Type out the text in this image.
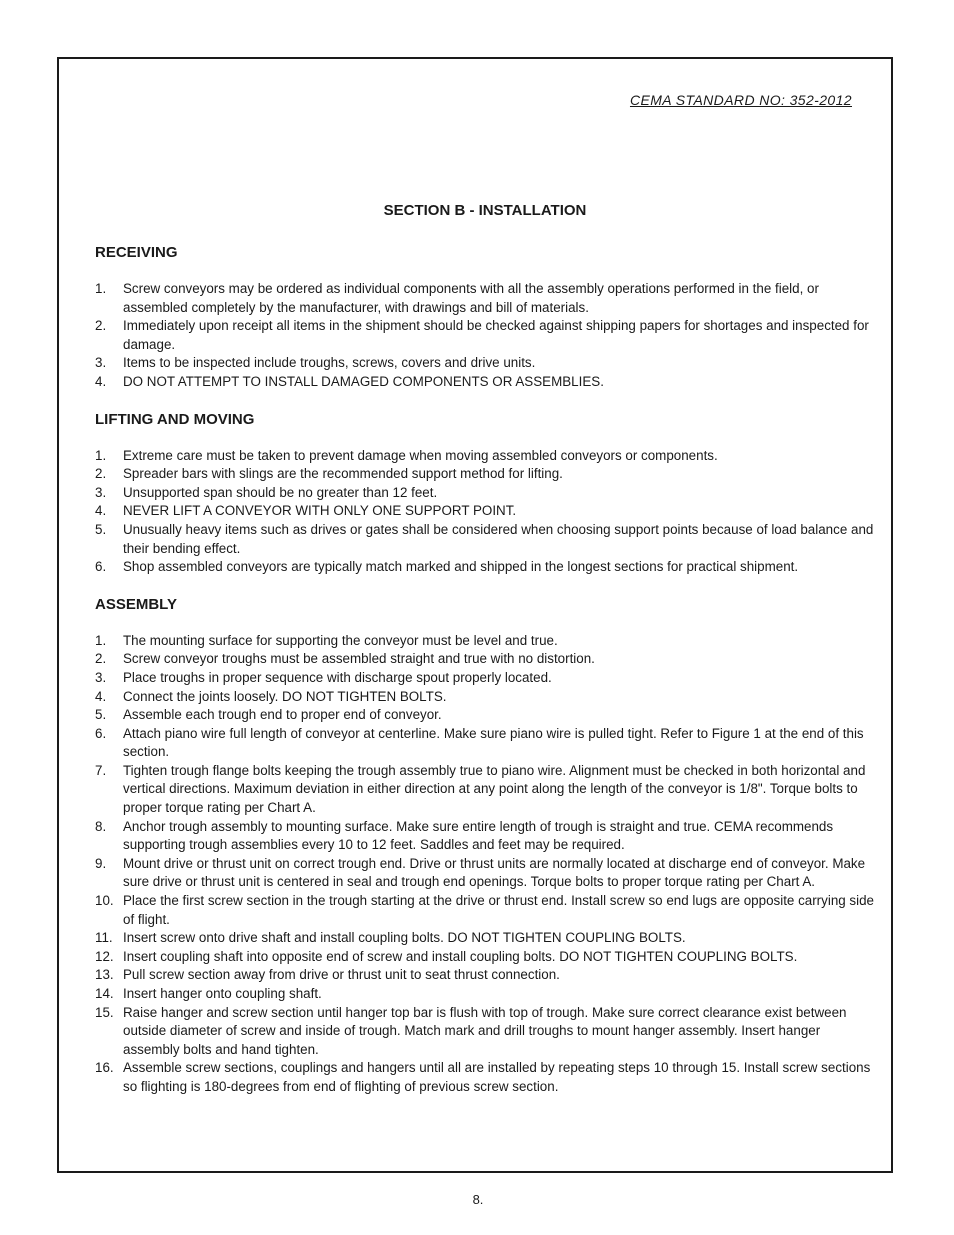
CEMA STANDARD NO: 352-2012
SECTION B - INSTALLATION
RECEIVING
1.	Screw conveyors may be ordered as individual components with all the assembly operations performed in the field, or assembled completely by the manufacturer, with drawings and bill of materials.
2.	Immediately upon receipt all items in the shipment should be checked against shipping papers for shortages and inspected for damage.
3.	Items to be inspected include troughs, screws, covers and drive units.
4.	DO NOT ATTEMPT TO INSTALL DAMAGED COMPONENTS OR ASSEMBLIES.
LIFTING AND MOVING
1.	Extreme care must be taken to prevent damage when moving assembled conveyors or components.
2.	Spreader bars with slings are the recommended support method for lifting.
3.	Unsupported span should be no greater than 12 feet.
4.	NEVER LIFT A CONVEYOR WITH ONLY ONE SUPPORT POINT.
5.	Unusually heavy items such as drives or gates shall be considered when choosing support points because of load balance and their bending effect.
6.	Shop assembled conveyors are typically match marked and shipped in the longest sections for practical shipment.
ASSEMBLY
1.	The mounting surface for supporting the conveyor must be level and true.
2.	Screw conveyor troughs must be assembled straight and true with no distortion.
3.	Place troughs in proper sequence with discharge spout properly located.
4.	Connect the joints loosely. DO NOT TIGHTEN BOLTS.
5.	Assemble each trough end to proper end of conveyor.
6.	Attach piano wire full length of conveyor at centerline. Make sure piano wire is pulled tight. Refer to Figure 1 at the end of this section.
7.	Tighten trough flange bolts keeping the trough assembly true to piano wire. Alignment must be checked in both horizontal and vertical directions. Maximum deviation in either direction at any point along the length of the conveyor is 1/8". Torque bolts to proper torque rating per Chart A.
8.	Anchor trough assembly to mounting surface. Make sure entire length of trough is straight and true. CEMA recommends supporting trough assemblies every 10 to 12 feet. Saddles and feet may be required.
9.	Mount drive or thrust unit on correct trough end. Drive or thrust units are normally located at discharge end of conveyor. Make sure drive or thrust unit is centered in seal and trough end openings. Torque bolts to proper torque rating per Chart A.
10. Place the first screw section in the trough starting at the drive or thrust end. Install screw so end lugs are opposite carrying side of flight.
11. Insert screw onto drive shaft and install coupling bolts. DO NOT TIGHTEN COUPLING BOLTS.
12. Insert coupling shaft into opposite end of screw and install coupling bolts. DO NOT TIGHTEN COUPLING BOLTS.
13. Pull screw section away from drive or thrust unit to seat thrust connection.
14. Insert hanger onto coupling shaft.
15. Raise hanger and screw section until hanger top bar is flush with top of trough. Make sure correct clearance exist between outside diameter of screw and inside of trough. Match mark and drill troughs to mount hanger assembly. Insert hanger assembly bolts and hand tighten.
16. Assemble screw sections, couplings and hangers until all are installed by repeating steps 10 through 15. Install screw sections so flighting is 180-degrees from end of flighting of previous screw section.
8.
